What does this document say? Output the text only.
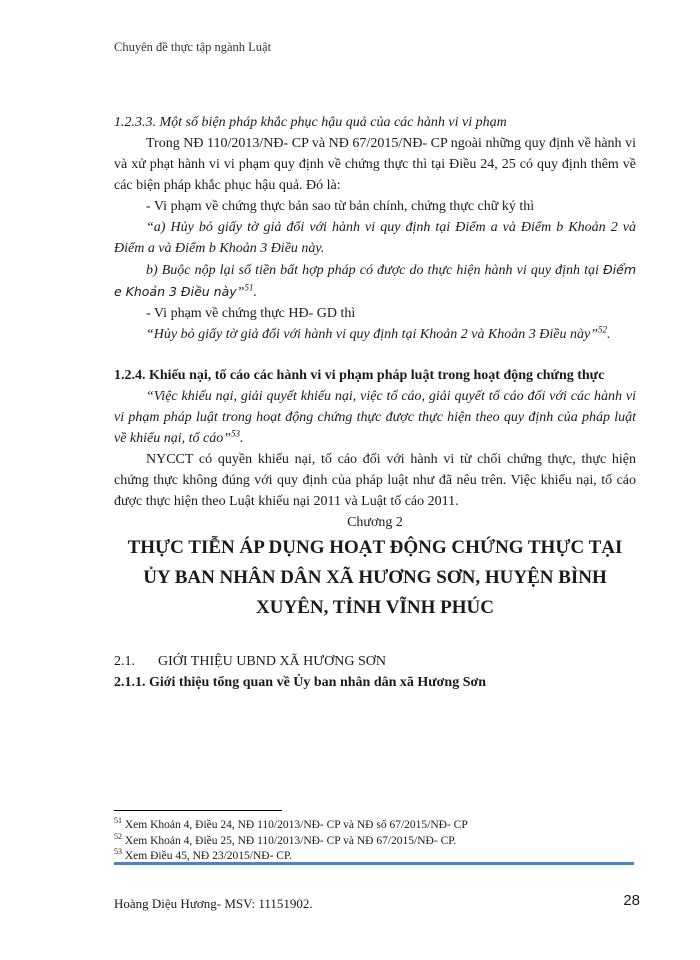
Chuyên đề thực tập ngành Luật

1.2.3.3. Một số biện pháp khắc phục hậu quả của các hành vi vi phạm

Trong NĐ 110/2013/NĐ- CP và NĐ 67/2015/NĐ- CP ngoài những quy định về hành vi và xử phạt hành vi vi phạm quy định về chứng thực thì tại Điều 24, 25 có quy định thêm về các biện pháp khắc phục hậu quả. Đó là:

- Vi phạm về chứng thực bản sao từ bản chính, chứng thực chữ ký thì

“a) Hủy bỏ giấy tờ giả đối với hành vi quy định tại Điểm a và Điểm b Khoản 2 và Điểm a và Điểm b Khoản 3 Điều này.

b) Buộc nộp lại số tiền bất hợp pháp có được do thực hiện hành vi quy định tại Điểm e Khoản 3 Điều này”$^{51}$.

- Vi phạm về chứng thực HĐ- GD thì

“Hủy bỏ giấy tờ giả đối với hành vi quy định tại Khoản 2 và Khoản 3 Điều này”$^{52}$.

1.2.4. Khiếu nại, tố cáo các hành vi vi phạm pháp luật trong hoạt động chứng thực

“Việc khiếu nại, giải quyết khiếu nại, việc tố cáo, giải quyết tố cáo đối với các hành vi vi phạm pháp luật trong hoạt động chứng thực được thực hiện theo quy định của pháp luật về khiếu nại, tố cáo”$^{53}$.

NYCCT có quyền khiếu nại, tố cáo đối với hành vi từ chối chứng thực, thực hiện chứng thực không đúng với quy định của pháp luật như đã nêu trên. Việc khiếu nại, tố cáo được thực hiện theo Luật khiếu nại 2011 và Luật tố cáo 2011.

Chương 2

THỰC TIỄN ÁP DỤNG HOẠT ĐỘNG CHỨNG THỰC TẠI ỦY BAN NHÂN DÂN XÃ HƯƠNG SƠN, HUYỆN BÌNH XUYÊN, TỈNH VĨNH PHÚC

2.1. GIỚI THIỆU UBND XÃ HƯƠNG SƠN

2.1.1. Giới thiệu tổng quan về Ủy ban nhân dân xã Hương Sơn

$^{51}$ Xem Khoản 4, Điều 24, NĐ 110/2013/NĐ- CP và NĐ số 67/2015/NĐ- CP

$^{52}$ Xem Khoản 4, Điều 25, NĐ 110/2013/NĐ- CP và NĐ 67/2015/NĐ- CP.

$^{53}$ Xem Điều 45, NĐ 23/2015/NĐ- CP.

Hoàng Diệu Hương- MSV: 11151902.	28
